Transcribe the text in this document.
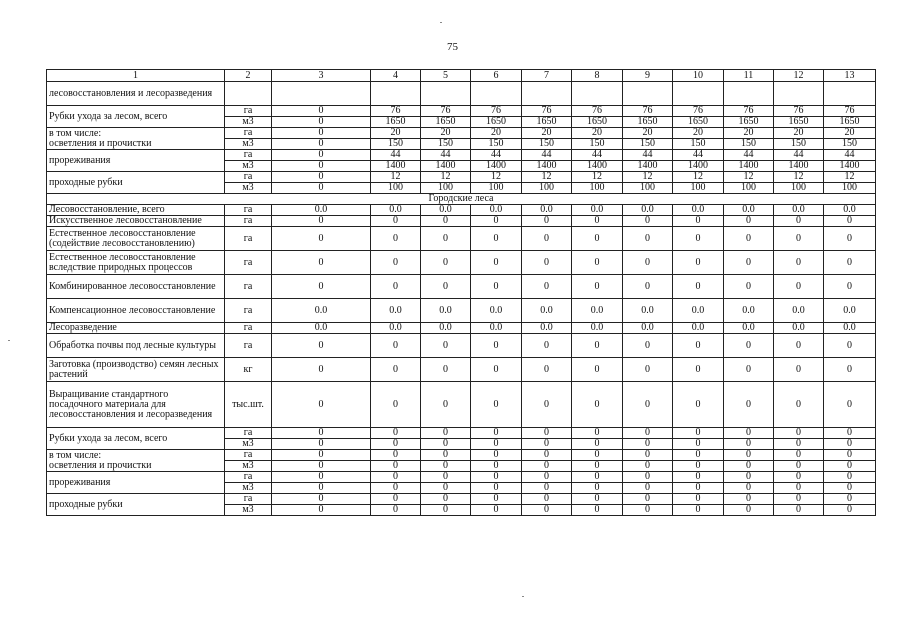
75
1	2	3	4	5	6	7	8	9	10	11	12	13
лесовосстановления и лесоразведения												
Рубки ухода за лесом, всего	га	0	76	76	76	76	76	76	76	76	76	76
	м3	0	1650	1650	1650	1650	1650	1650	1650	1650	1650	1650
в том числе:
осветления и прочистки	га	0	20	20	20	20	20	20	20	20	20	20
	м3	0	150	150	150	150	150	150	150	150	150	150
прореживания	га	0	44	44	44	44	44	44	44	44	44	44
	м3	0	1400	1400	1400	1400	1400	1400	1400	1400	1400	1400
проходные рубки	га	0	12	12	12	12	12	12	12	12	12	12
	м3	0	100	100	100	100	100	100	100	100	100	100
Городские леса												
Лесовосстановление, всего	га	0.0	0.0	0.0	0.0	0.0	0.0	0.0	0.0	0.0	0.0	0.0
Искусственное лесовосстановление	га	0	0	0	0	0	0	0	0	0	0	0
Естественное лесовосстановление (содействие лесовосстановлению)	га	0	0	0	0	0	0	0	0	0	0	0
Естественное лесовосстановление вследствие природных процессов	га	0	0	0	0	0	0	0	0	0	0	0
Комбинированное лесовосстановление	га	0	0	0	0	0	0	0	0	0	0	0
Компенсационное лесовосстановление	га	0.0	0.0	0.0	0.0	0.0	0.0	0.0	0.0	0.0	0.0	0.0
Лесоразведение	га	0.0	0.0	0.0	0.0	0.0	0.0	0.0	0.0	0.0	0.0	0.0
Обработка почвы под лесные культуры	га	0	0	0	0	0	0	0	0	0	0	0
Заготовка (производство) семян лесных растений	кг	0	0	0	0	0	0	0	0	0	0	0
Выращивание стандартного посадочного материала для лесовосстановления и лесоразведения	тыс.шт.	0	0	0	0	0	0	0	0	0	0	0
Рубки ухода за лесом, всего	га	0	0	0	0	0	0	0	0	0	0	0
	м3	0	0	0	0	0	0	0	0	0	0	0
в том числе:
осветления и прочистки	га	0	0	0	0	0	0	0	0	0	0	0
	м3	0	0	0	0	0	0	0	0	0	0	0
прореживания	га	0	0	0	0	0	0	0	0	0	0	0
	м3	0	0	0	0	0	0	0	0	0	0	0
проходные рубки	га	0	0	0	0	0	0	0	0	0	0	0
	м3	0	0	0	0	0	0	0	0	0	0	0
